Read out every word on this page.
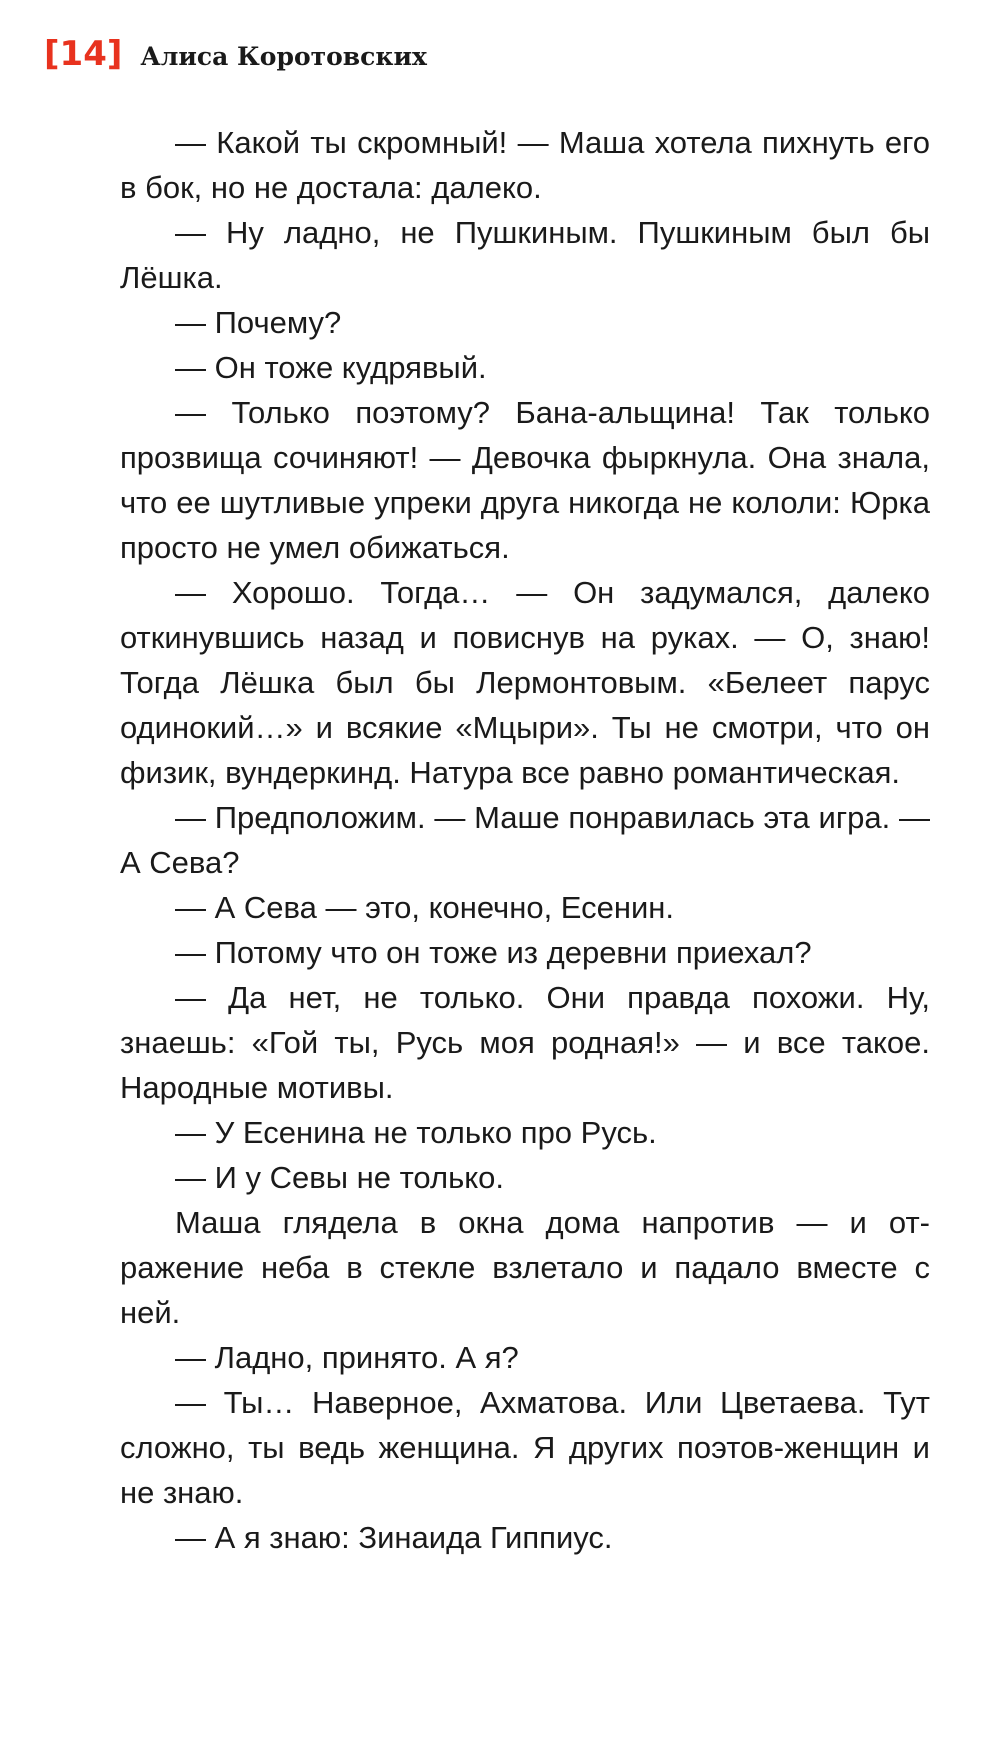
[14] Алиса Коротовских

— Какой ты скромный! — Маша хотела пихнуть его в бок, но не достала: далеко.

— Ну ладно, не Пушкиным. Пушкиным был бы Лёшка.

— Почему?

— Он тоже кудрявый.

— Только поэтому? Бана-альщина! Так только прозвища сочиняют! — Девочка фыркнула. Она знала, что ее шутливые упреки друга никогда не кололи: Юрка просто не умел обижаться.

— Хорошо. Тогда… — Он задумался, далеко откинувшись назад и повиснув на руках. — О, знаю! Тогда Лёшка был бы Лермонтовым. «Белеет парус одинокий…» и всякие «Мцыри». Ты не смотри, что он физик, вундеркинд. Натура все равно романтическая.

— Предположим. — Маше понравилась эта игра. — А Сева?

— А Сева — это, конечно, Есенин.

— Потому что он тоже из деревни приехал?

— Да нет, не только. Они правда похожи. Ну, знаешь: «Гой ты, Русь моя родная!» — и все такое. Народные мотивы.

— У Есенина не только про Русь.

— И у Севы не только.

Маша глядела в окна дома напротив — и отражение неба в стекле взлетало и падало вместе с ней.

— Ладно, принято. А я?

— Ты… Наверное, Ахматова. Или Цветаева. Тут сложно, ты ведь женщина. Я других поэтов-женщин и не знаю.

— А я знаю: Зинаида Гиппиус.
